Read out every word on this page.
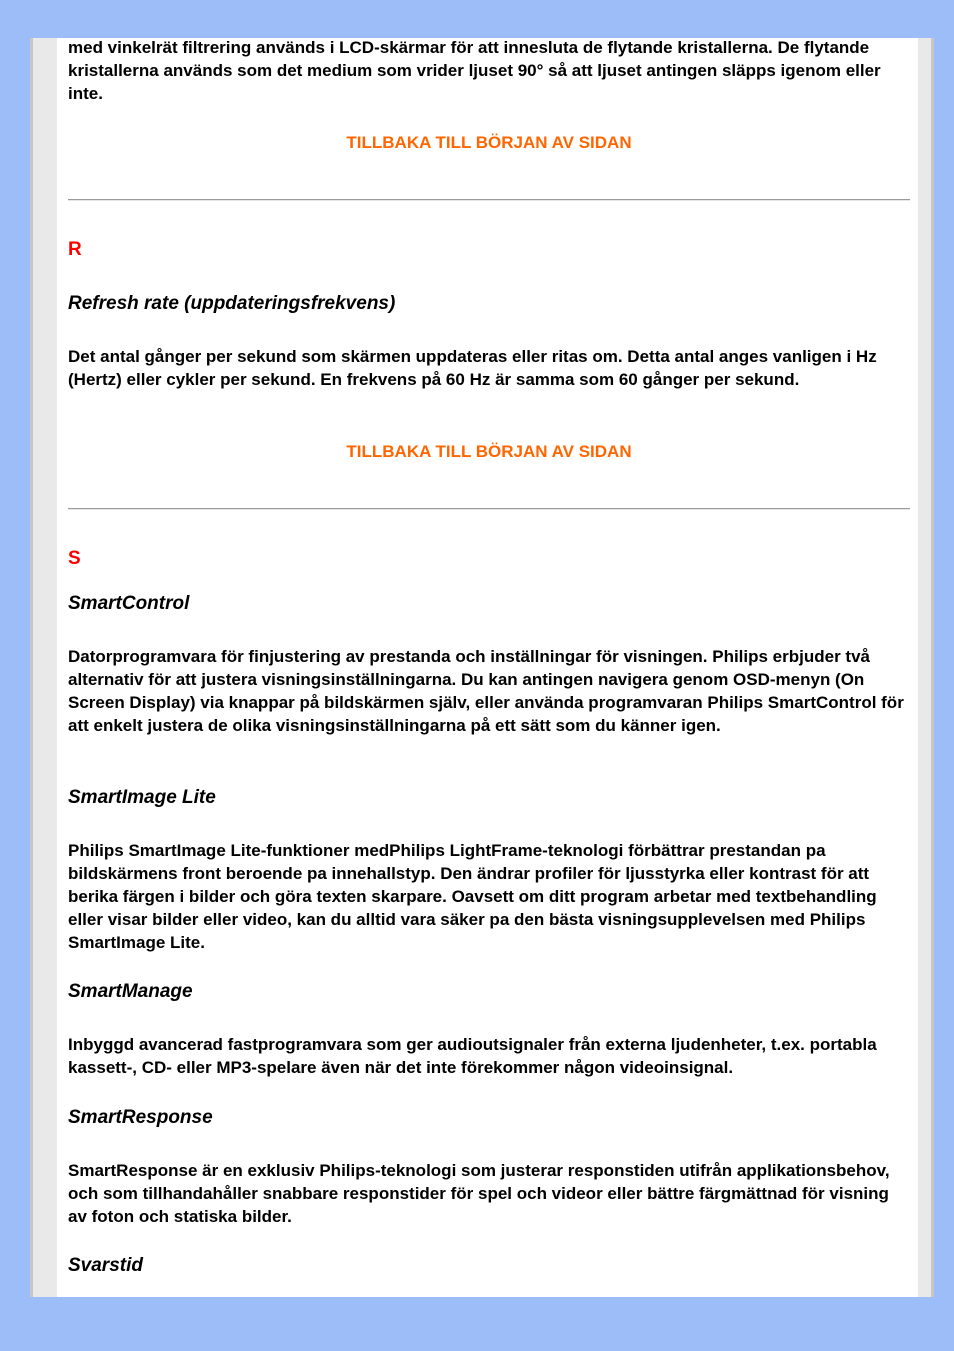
med vinkelrät filtrering används i LCD-skärmar för att innesluta de flytande kristallerna. De flytande kristallerna används som det medium som vrider ljuset 90° så att ljuset antingen släpps igenom eller inte.

TILLBAKA TILL BÖRJAN AV SIDAN

R

Refresh rate (uppdateringsfrekvens)

Det antal gånger per sekund som skärmen uppdateras eller ritas om. Detta antal anges vanligen i Hz (Hertz) eller cykler per sekund. En frekvens på 60 Hz är samma som 60 gånger per sekund.

TILLBAKA TILL BÖRJAN AV SIDAN

S

SmartControl

Datorprogramvara för finjustering av prestanda och inställningar för visningen. Philips erbjuder två alternativ för att justera visningsinställningarna. Du kan antingen navigera genom OSD-menyn (On Screen Display) via knappar på bildskärmen själv, eller använda programvaran Philips SmartControl för att enkelt justera de olika visningsinställningarna på ett sätt som du känner igen.

SmartImage Lite

Philips SmartImage Lite-funktioner medPhilips LightFrame-teknologi förbättrar prestandan pa bildskärmens front beroende pa innehallstyp. Den ändrar profiler för ljusstyrka eller kontrast för att berika färgen i bilder och göra texten skarpare. Oavsett om ditt program arbetar med textbehandling eller visar bilder eller video, kan du alltid vara säker pa den bästa visningsupplevelsen med Philips SmartImage Lite.

SmartManage

Inbyggd avancerad fastprogramvara som ger audioutsignaler från externa ljudenheter, t.ex. portabla kassett-, CD- eller MP3-spelare även när det inte förekommer någon videoinsignal.

SmartResponse

SmartResponse är en exklusiv Philips-teknologi som justerar responstiden utifrån applikationsbehov, och som tillhandahåller snabbare responstider för spel och videor eller bättre färgmättnad för visning av foton och statiska bilder.

Svarstid
